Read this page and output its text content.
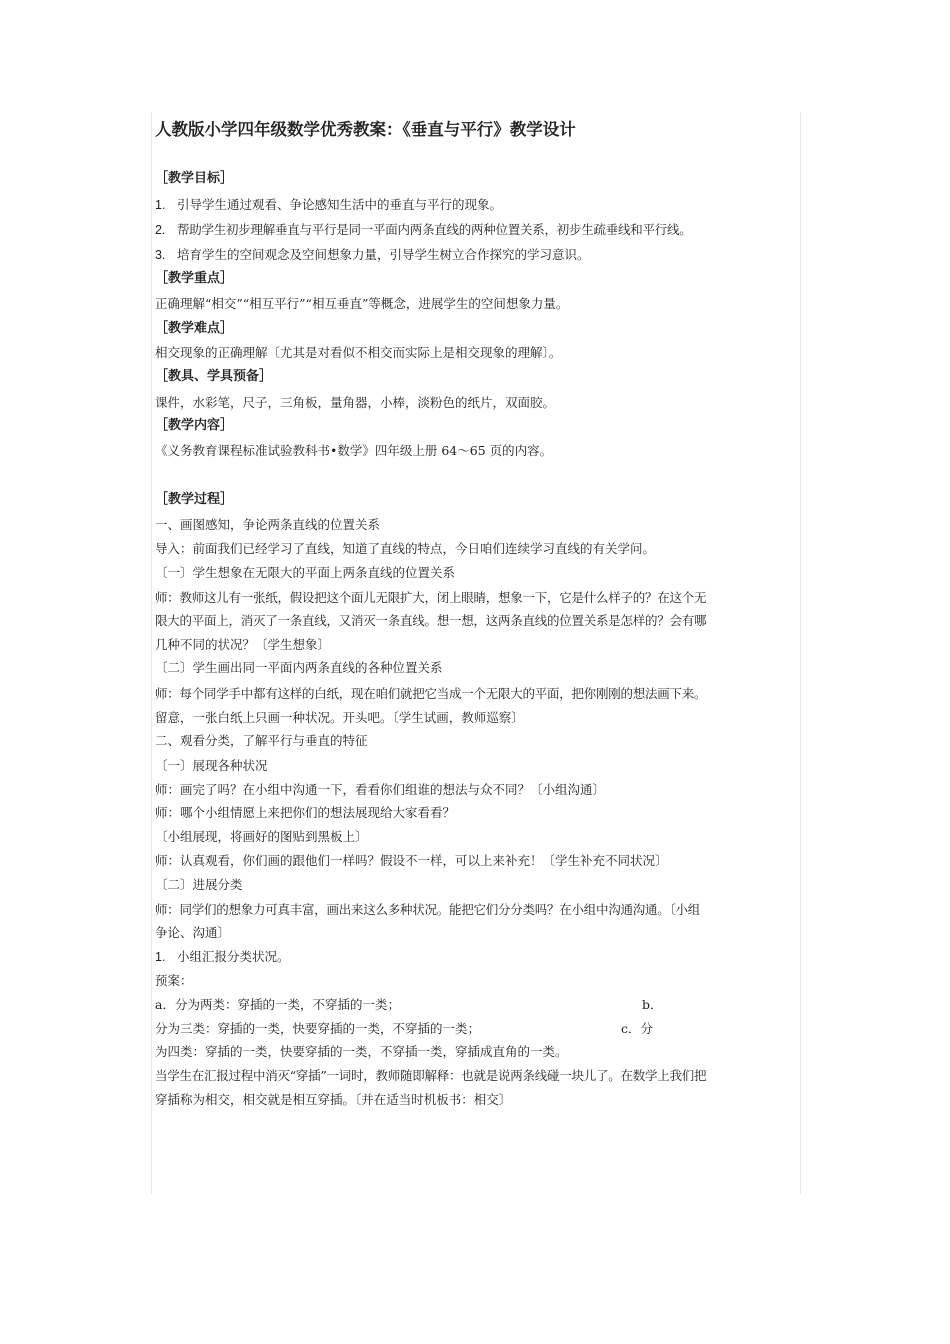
人教版小学四年级数学优秀教案：《垂直与平行》教学设计
［教学目标］
1. 引导学生通过观看、争论感知生活中的垂直与平行的现象。
2. 帮助学生初步理解垂直与平行是同一平面内两条直线的两种位置关系，初步生疏垂线和平行线。
3. 培育学生的空间观念及空间想象力量，引导学生树立合作探究的学习意识。
［教学重点］
正确理解“相交”“相互平行”“相互垂直”等概念，进展学生的空间想象力量。
［教学难点］
相交现象的正确理解〔尤其是对看似不相交而实际上是相交现象的理解〕。
［教具、学具预备］
课件，水彩笔，尺子，三角板，量角器，小棒，淡粉色的纸片，双面胶。
［教学内容］
《义务教育课程标准试验教科书•数学》四年级上册 64～65 页的内容。
［教学过程］
一、画图感知，争论两条直线的位置关系
导入：前面我们已经学习了直线，知道了直线的特点，今日咱们连续学习直线的有关学问。
〔一〕学生想象在无限大的平面上两条直线的位置关系
师：教师这儿有一张纸，假设把这个面儿无限扩大，闭上眼睛，想象一下，它是什么样子的？在这个无
限大的平面上，消灭了一条直线，又消灭一条直线。想一想，这两条直线的位置关系是怎样的？会有哪
几种不同的状况？〔学生想象〕
〔二〕学生画出同一平面内两条直线的各种位置关系
师：每个同学手中都有这样的白纸，现在咱们就把它当成一个无限大的平面，把你刚刚的想法画下来。
留意，一张白纸上只画一种状况。开头吧。〔学生试画，教师巡察〕
二、观看分类，了解平行与垂直的特征
〔一〕展现各种状况
师：画完了吗？在小组中沟通一下，看看你们组谁的想法与众不同？〔小组沟通〕
师：哪个小组情愿上来把你们的想法展现给大家看看？
〔小组展现，将画好的图贴到黑板上〕
师：认真观看，你们画的跟他们一样吗？假设不一样，可以上来补充！〔学生补充不同状况〕
〔二〕进展分类
师：同学们的想象力可真丰富，画出来这么多种状况。能把它们分分类吗？在小组中沟通沟通。〔小组
争论、沟通〕
1. 小组汇报分类状况。
预案：
a．分为两类：穿插的一类，不穿插的一类；	b．
分为三类：穿插的一类，快要穿插的一类，不穿插的一类；	c．分
为四类：穿插的一类，快要穿插的一类，不穿插一类，穿插成直角的一类。
当学生在汇报过程中消灭“穿插”一词时，教师随即解释：也就是说两条线碰一块儿了。在数学上我们把
穿插称为相交，相交就是相互穿插。〔并在适当时机板书：相交〕
